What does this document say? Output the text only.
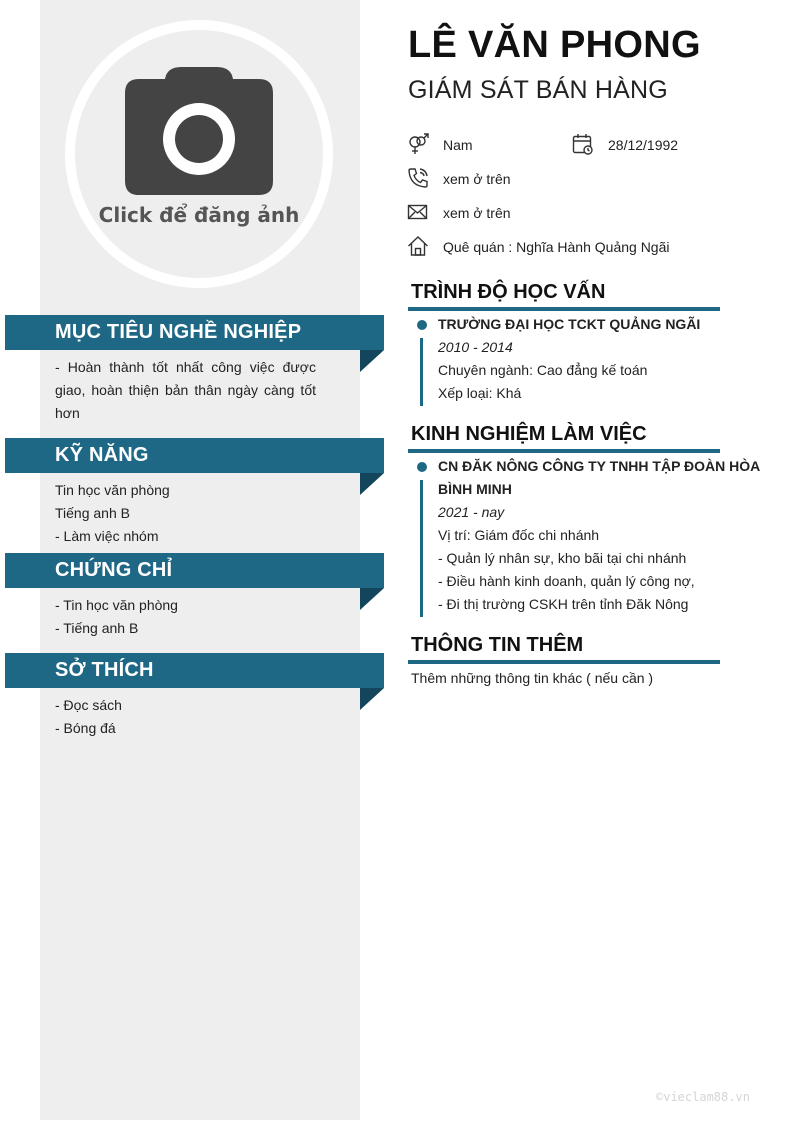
Click để đăng ảnh
MỤC TIÊU NGHỀ NGHIỆP
- Hoàn thành tốt nhất công việc được giao, hoàn thiện bản thân ngày càng tốt hơn
KỸ NĂNG
Tin học văn phòng
Tiếng anh B
- Làm việc nhóm
CHỨNG CHỈ
- Tin học văn phòng
- Tiếng anh B
SỞ THÍCH
- Đọc sách
- Bóng đá
LÊ VĂN PHONG
GIÁM SÁT BÁN HÀNG
Nam	28/12/1992
xem ở trên
xem ở trên
Quê quán : Nghĩa Hành Quảng Ngãi
TRÌNH ĐỘ HỌC VẤN
TRƯỜNG ĐẠI HỌC TCKT QUẢNG NGÃI
2010 - 2014
Chuyên ngành: Cao đẳng kế toán
Xếp loại: Khá
KINH NGHIỆM LÀM VIỆC
CN ĐĂK NÔNG CÔNG TY TNHH TẬP ĐOÀN HÒA BÌNH MINH
2021 - nay
Vị trí: Giám đốc chi nhánh
- Quản lý nhân sự, kho bãi tại chi nhánh
- Điều hành kinh doanh, quản lý công nợ,
- Đi thị trường CSKH trên tỉnh Đăk Nông
THÔNG TIN THÊM
Thêm những thông tin khác ( nếu cần )
©vieclam88.vn
